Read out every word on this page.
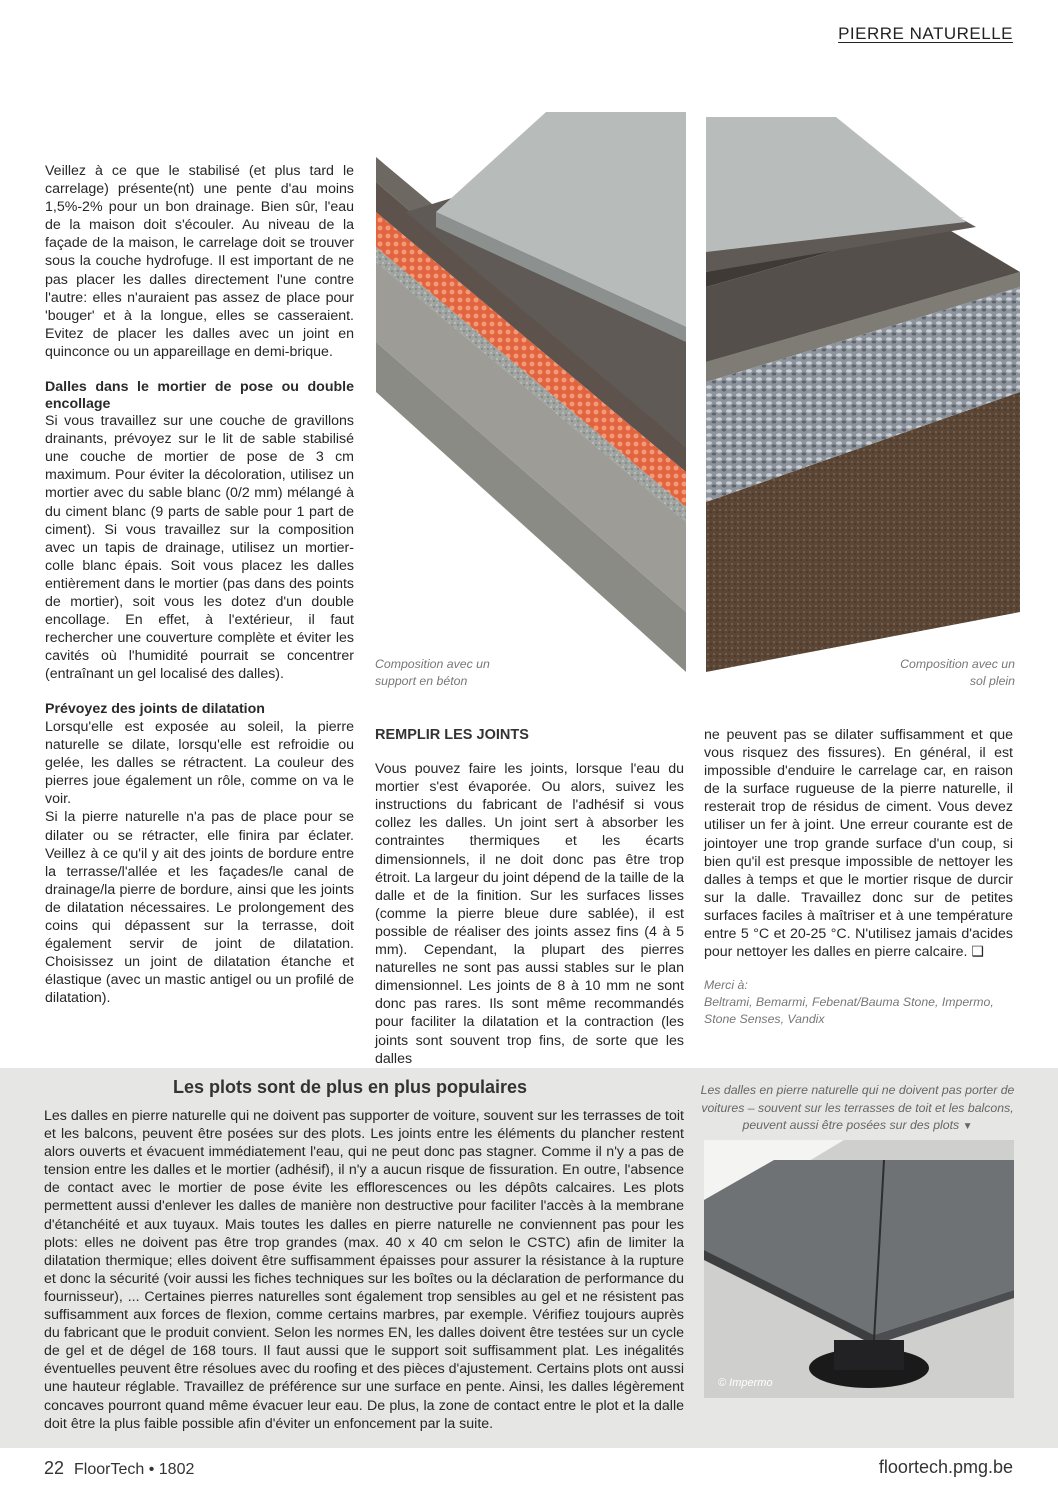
PIERRE NATURELLE

Veillez à ce que le stabilisé (et plus tard le carrelage) présente(nt) une pente d'au moins 1,5%-2% pour un bon drainage. Bien sûr, l'eau de la maison doit s'écouler. Au niveau de la façade de la maison, le carrelage doit se trouver sous la couche hydrofuge. Il est important de ne pas placer les dalles directement l'une contre l'autre: elles n'auraient pas assez de place pour 'bouger' et à la longue, elles se casseraient. Evitez de placer les dalles avec un joint en quinconce ou un appareillage en demi-brique.

Dalles dans le mortier de pose ou double encollage

Si vous travaillez sur une couche de gravillons drainants, prévoyez sur le lit de sable stabilisé une couche de mortier de pose de 3 cm maximum. Pour éviter la décoloration, utilisez un mortier avec du sable blanc (0/2 mm) mélangé à du ciment blanc (9 parts de sable pour 1 part de ciment). Si vous travaillez sur la composition avec un tapis de drainage, utilisez un mortier-colle blanc épais. Soit vous placez les dalles entièrement dans le mortier (pas dans des points de mortier), soit vous les dotez d'un double encollage. En effet, à l'extérieur, il faut rechercher une couverture complète et éviter les cavités où l'humidité pourrait se concentrer (entraînant un gel localisé des dalles).

Prévoyez des joints de dilatation

Lorsqu'elle est exposée au soleil, la pierre naturelle se dilate, lorsqu'elle est refroidie ou gelée, les dalles se rétractent. La couleur des pierres joue également un rôle, comme on va le voir.

Si la pierre naturelle n'a pas de place pour se dilater ou se rétracter, elle finira par éclater. Veillez à ce qu'il y ait des joints de bordure entre la terrasse/l'allée et les façades/le canal de drainage/la pierre de bordure, ainsi que les joints de dilatation nécessaires. Le prolongement des coins qui dépassent sur la terrasse, doit également servir de joint de dilatation. Choisissez un joint de dilatation étanche et élastique (avec un mastic antigel ou un profilé de dilatation).

Composition avec un support en béton
Composition avec un sol plein
REMPLIR LES JOINTS

Vous pouvez faire les joints, lorsque l'eau du mortier s'est évaporée. Ou alors, suivez les instructions du fabricant de l'adhésif si vous collez les dalles. Un joint sert à absorber les contraintes thermiques et les écarts dimensionnels, il ne doit donc pas être trop étroit. La largeur du joint dépend de la taille de la dalle et de la finition. Sur les surfaces lisses (comme la pierre bleue dure sablée), il est possible de réaliser des joints assez fins (4 à 5 mm). Cependant, la plupart des pierres naturelles ne sont pas aussi stables sur le plan dimensionnel. Les joints de 8 à 10 mm ne sont donc pas rares. Ils sont même recommandés pour faciliter la dilatation et la contraction (les joints sont souvent trop fins, de sorte que les dalles

ne peuvent pas se dilater suffisamment et que vous risquez des fissures). En général, il est impossible d'enduire le carrelage car, en raison de la surface rugueuse de la pierre naturelle, il resterait trop de résidus de ciment. Vous devez utiliser un fer à joint. Une erreur courante est de jointoyer une trop grande surface d'un coup, si bien qu'il est presque impossible de nettoyer les dalles à temps et que le mortier risque de durcir sur la dalle. Travaillez donc sur de petites surfaces faciles à maîtriser et à une température entre 5 °C et 20-25 °C. N'utilisez jamais d'acides pour nettoyer les dalles en pierre calcaire. ❑

Merci à:
Beltrami, Bemarmi, Febenat/Bauma Stone, Impermo, Stone Senses, Vandix
Les plots sont de plus en plus populaires
Les dalles en pierre naturelle qui ne doivent pas supporter de voiture, souvent sur les terrasses de toit et les balcons, peuvent être posées sur des plots. Les joints entre les éléments du plancher restent alors ouverts et évacuent immédiatement l'eau, qui ne peut donc pas stagner. Comme il n'y a pas de tension entre les dalles et le mortier (adhésif), il n'y a aucun risque de fissuration. En outre, l'absence de contact avec le mortier de pose évite les efflorescences ou les dépôts calcaires. Les plots permettent aussi d'enlever les dalles de manière non destructive pour faciliter l'accès à la membrane d'étanchéité et aux tuyaux. Mais toutes les dalles en pierre naturelle ne conviennent pas pour les plots: elles ne doivent pas être trop grandes (max. 40 x 40 cm selon le CSTC) afin de limiter la dilatation thermique; elles doivent être suffisamment épaisses pour assurer la résistance à la rupture et donc la sécurité (voir aussi les fiches techniques sur les boîtes ou la déclaration de performance du fournisseur), ... Certaines pierres naturelles sont également trop sensibles au gel et ne résistent pas suffisamment aux forces de flexion, comme certains marbres, par exemple. Vérifiez toujours auprès du fabricant que le produit convient. Selon les normes EN, les dalles doivent être testées sur un cycle de gel et de dégel de 168 tours. Il faut aussi que le support soit suffisamment plat. Les inégalités éventuelles peuvent être résolues avec du roofing et des pièces d'ajustement. Certains plots ont aussi une hauteur réglable. Travaillez de préférence sur une surface en pente. Ainsi, les dalles légèrement concaves pourront quand même évacuer leur eau. De plus, la zone de contact entre le plot et la dalle doit être la plus faible possible afin d'éviter un enfoncement par la suite.
Les dalles en pierre naturelle qui ne doivent pas porter de voitures – souvent sur les terrasses de toit et les balcons, peuvent aussi être posées sur des plots ▼
© Impermo
22 FloorTech • 1802	floortech.pmg.be
